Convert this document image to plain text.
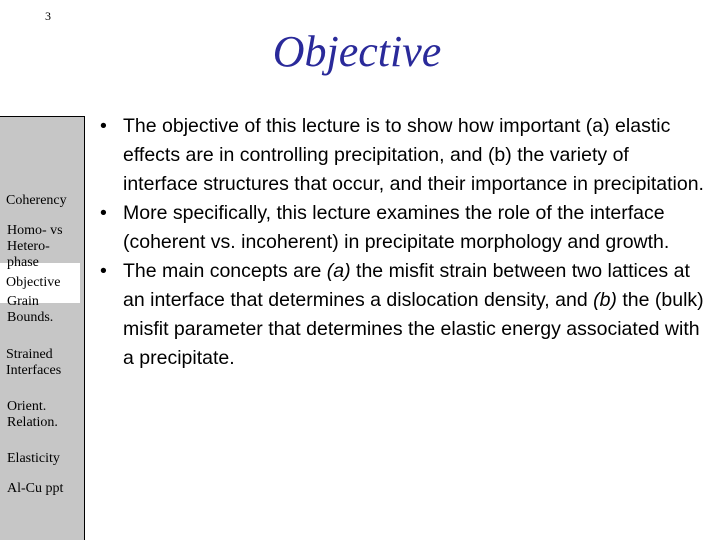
3
Objective
Objective
Coherency
Homo- vs
Hetero-
phase
Grain
Bounds.
Strained
Interfaces
Orient.
Relation.
Elasticity
Al-Cu ppt
• The objective of this lecture is to show how important (a) elastic effects are in controlling precipitation, and (b) the variety of interface structures that occur, and their importance in precipitation.
• More specifically, this lecture examines the role of the interface (coherent vs. incoherent) in precipitate morphology and growth.
• The main concepts are (a) the misfit strain between two lattices at an interface that determines a dislocation density, and (b) the (bulk) misfit parameter that determines the elastic energy associated with a precipitate.
